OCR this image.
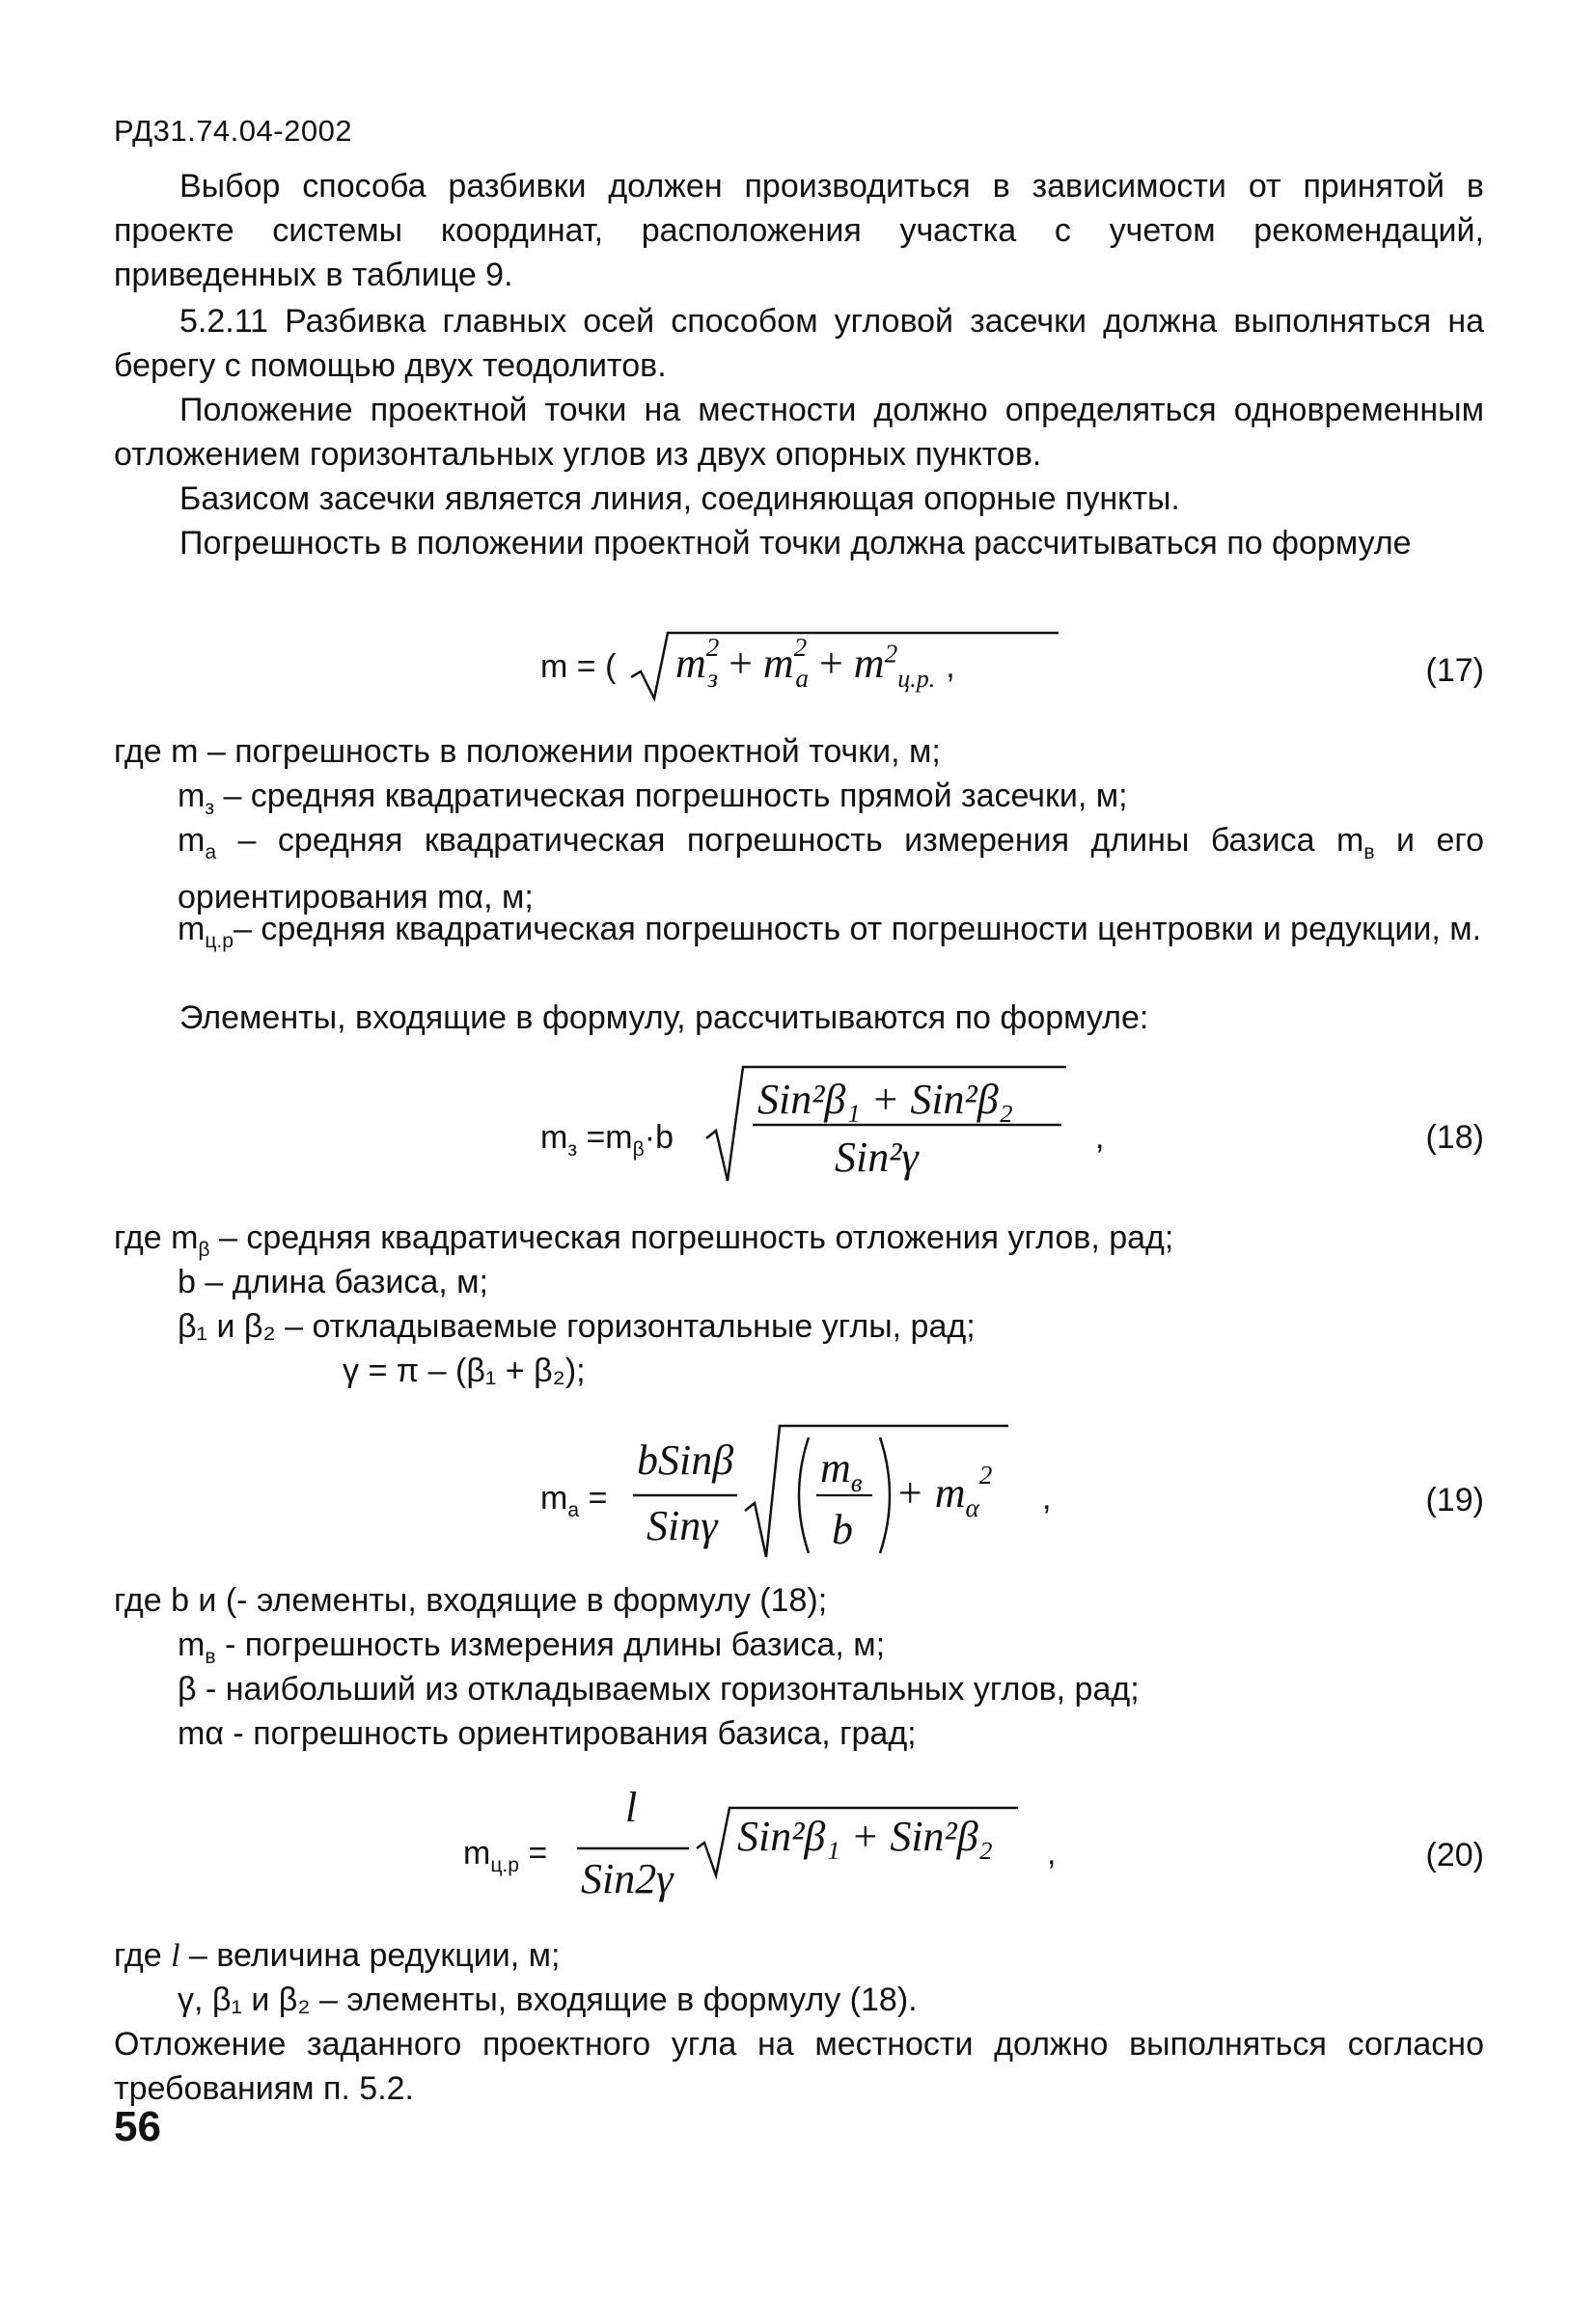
РД31.74.04-2002
Выбор способа разбивки должен производиться в зависимости от принятой в проекте системы координат, расположения участка с учетом рекомендаций, приведенных в таблице 9.
5.2.11 Разбивка главных осей способом угловой засечки должна выполняться на берегу с помощью двух теодолитов.
Положение проектной точки на местности должно определяться одновременным отложением горизонтальных углов из двух опорных пунктов.
Базисом засечки является линия, соединяющая опорные пункты.
Погрешность в положении проектной точки должна рассчитываться по формуле
m = ( $m^2_з + m^2_а + m^2_{ц.р.}$ ,	(17)
где m – погрешность в положении проектной точки, м;
$m_з$ – средняя квадратическая погрешность прямой засечки, м;
$m_а$ – средняя квадратическая погрешность измерения длины базиса $m_в$ и его ориентирования mα, м;
$m_{ц.р}-$ средняя квадратическая погрешность от погрешности центровки и редукции, м.
Элементы, входящие в формулу, рассчитываются по формуле:
$m_з =m_\beta\cdot b$
Sin²β₁ + Sin²β₂
Sin²γ	,	(18)
где $m_\beta$ – средняя квадратическая погрешность отложения углов, рад;
b – длина базиса, м;
β₁ и β₂ – откладываемые горизонтальные углы, рад;
γ = π – (β₁ + β₂);
$m_а$ =
bSinβ
Sinγ
$m_в$
b
+ $m_\alpha^2$
,	(19)
где b и (- элементы, входящие в формулу (18);
$m_в$ - погрешность измерения длины базиса, м;
β - наибольший из откладываемых горизонтальных углов, рад;
mα - погрешность ориентирования базиса, град;
$m_{ц.р}$ =
l
Sin2γ
Sin²β₁ + Sin²β₂ ,	(20)
где l – величина редукции, м;
γ, β₁ и β₂ – элементы, входящие в формулу (18).
Отложение заданного проектного угла на местности должно выполняться согласно требованиям п. 5.2.
56
